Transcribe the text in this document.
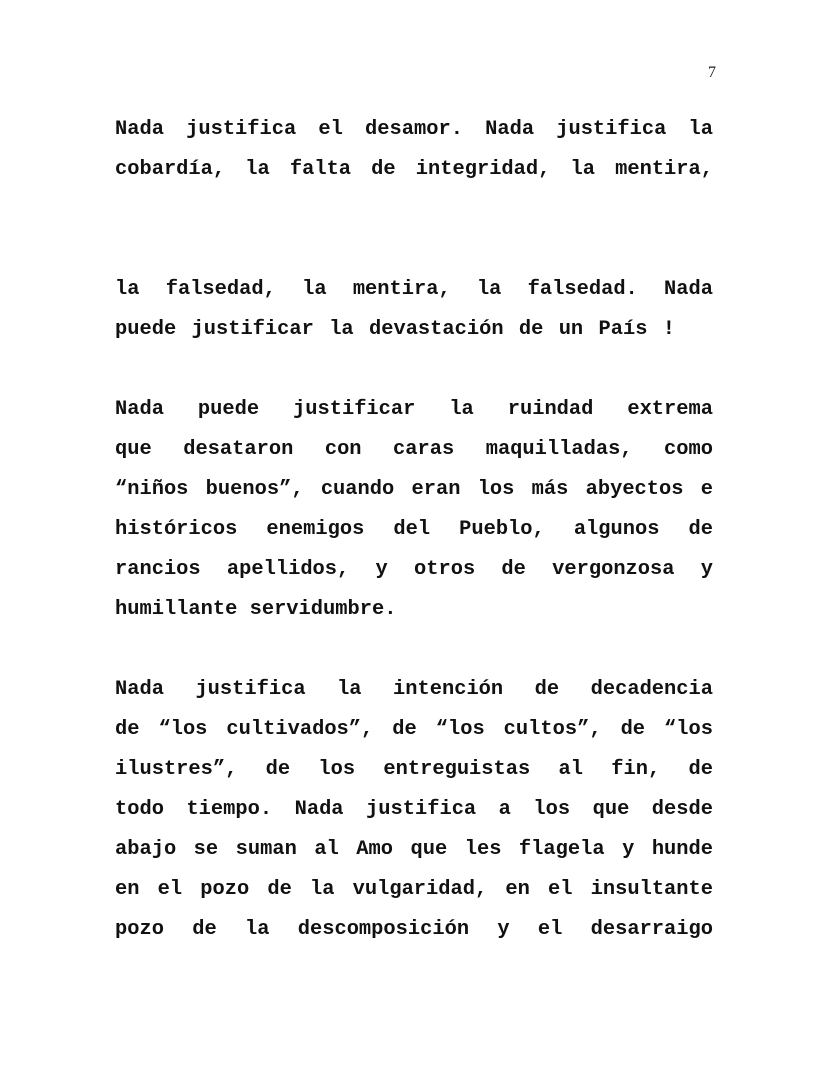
7
Nada justifica el desamor. Nada justifica la
cobardía, la falta de integridad, la mentira,
la falsedad, la mentira, la falsedad. Nada
puede justificar la devastación de un País !
Nada puede justificar la ruindad extrema
que desataron con caras maquilladas, como
“niños buenos”, cuando eran los más abyectos e
históricos enemigos del Pueblo, algunos de
rancios apellidos, y otros de vergonzosa y
humillante servidumbre.
Nada justifica la intención de decadencia
de “los cultivados”, de “los cultos”, de “los
ilustres”, de los entreguistas al fin, de
todo tiempo. Nada justifica a los que desde
abajo se suman al Amo que les flagela y hunde
en el pozo de la vulgaridad, en el insultante
pozo de la descomposición y el desarraigo
